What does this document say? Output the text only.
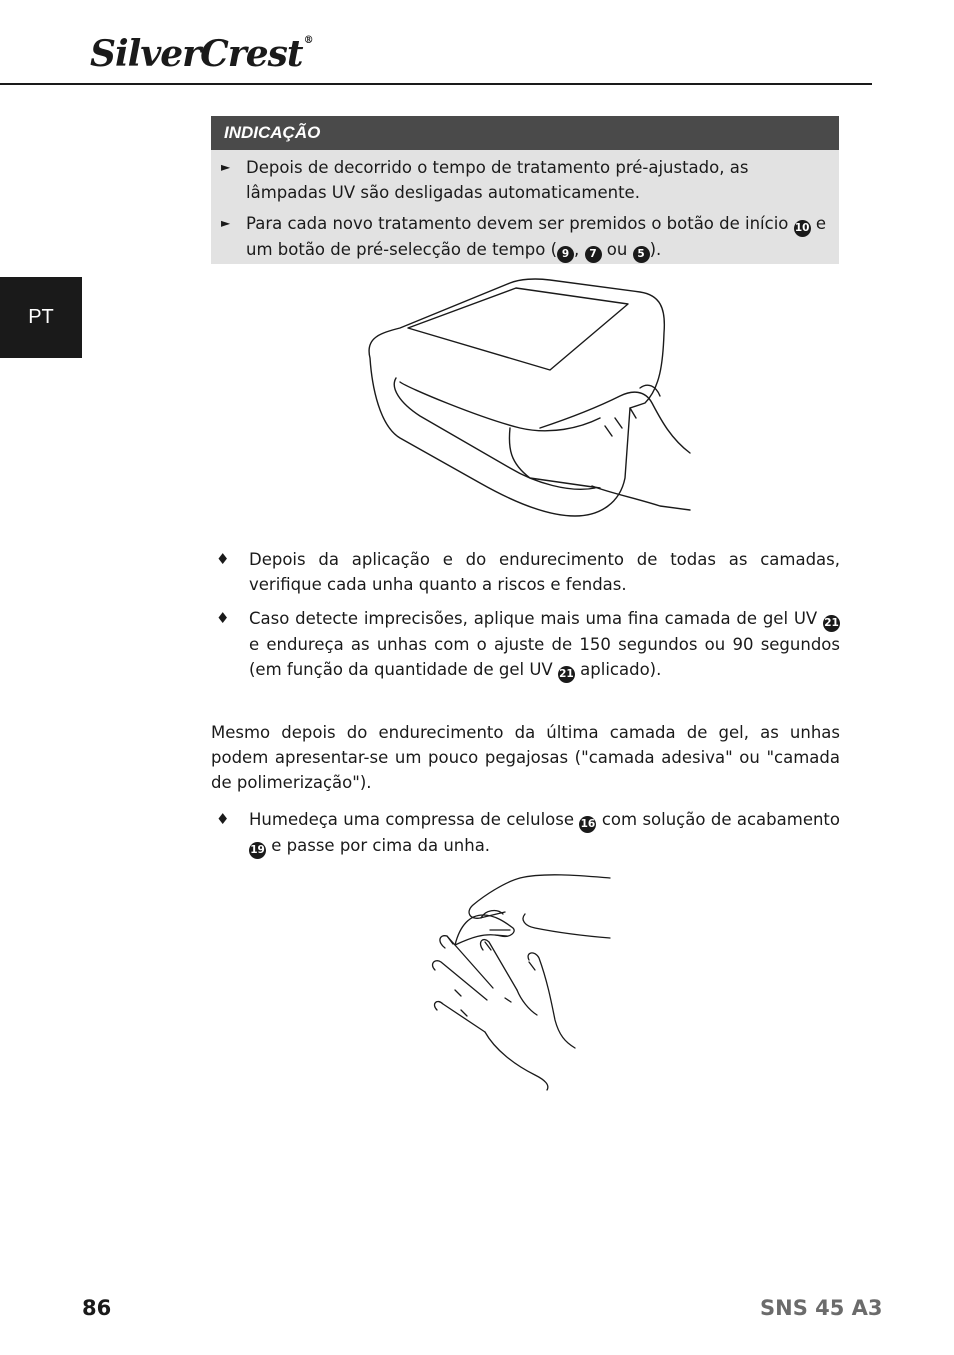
SilverCrest®
PT
INDICAÇÃO
► Depois de decorrido o tempo de tratamento pré-ajustado, as lâmpadas UV são desligadas automaticamente.
► Para cada novo tratamento devem ser premidos o botão de início 10 e um botão de pré-selecção de tempo ( 9 , 7 ou 5 ).
♦ Depois da aplicação e do endurecimento de todas as camadas, verifique cada unha quanto a riscos e fendas.
♦ Caso detecte imprecisões, aplique mais uma fina camada de gel UV 21 e endureça as unhas com o ajuste de 150 segundos ou 90 segundos (em função da quantidade de gel UV 21 aplicado).
Mesmo depois do endurecimento da última camada de gel, as unhas podem apresentar-se um pouco pegajosas ("camada adesiva" ou "camada de polimerização").
♦ Humedeça uma compressa de celulose 16 com solução de acabamento 19 e passe por cima da unha.
86	SNS 45 A3
